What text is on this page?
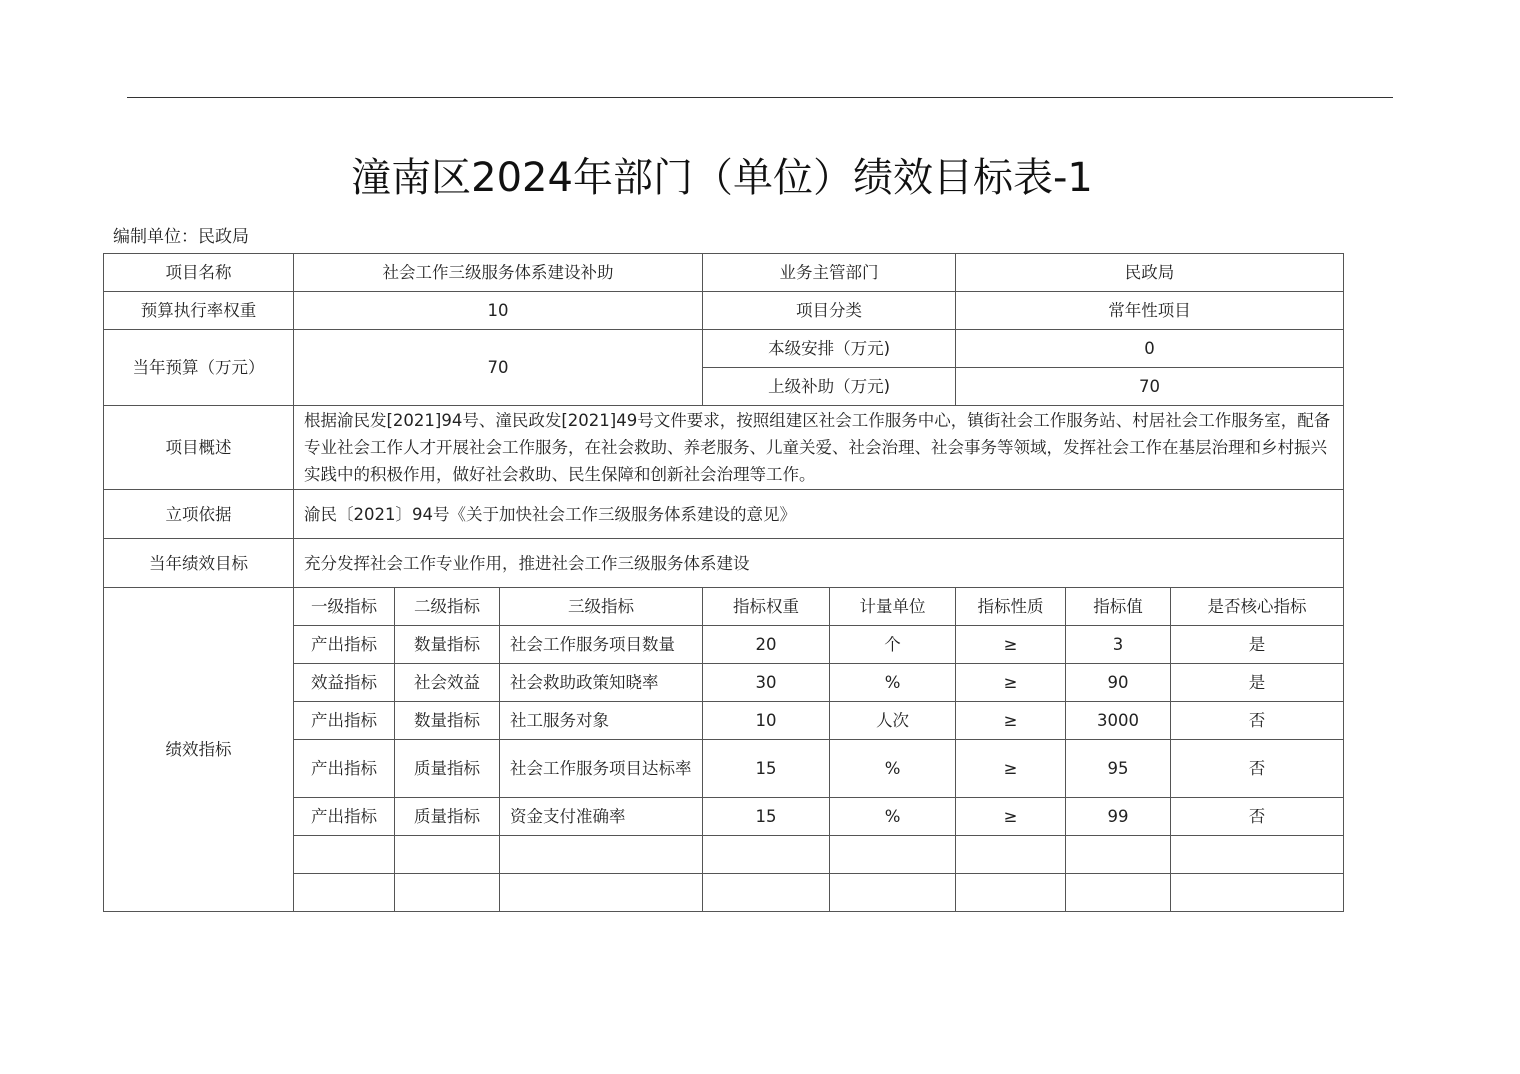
潼南区2024年部门（单位）绩效目标表-1
编制单位：民政局
项目名称	社会工作三级服务体系建设补助			业务主管部门		民政局		
预算执行率权重	10			项目分类		常年性项目		
当年预算（万元）	70			本级安排（万元)		0		
				上级补助（万元)		70		
项目概述	根据渝民发[2021]94号、潼民政发[2021]49号文件要求，按照组建区社会工作服务中心，镇街社会工作服务站、村居社会工作服务室，配备专业社会工作人才开展社会工作服务，在社会救助、养老服务、儿童关爱、社会治理、社会事务等领域，发挥社会工作在基层治理和乡村振兴实践中的积极作用，做好社会救助、民生保障和创新社会治理等工作。							
立项依据	渝民〔2021〕94号《关于加快社会工作三级服务体系建设的意见》							
当年绩效目标	充分发挥社会工作专业作用，推进社会工作三级服务体系建设							
绩效指标	一级指标	二级指标	三级指标	指标权重	计量单位	指标性质	指标值	是否核心指标
	产出指标	数量指标	社会工作服务项目数量	20	个	≥	3	是
	效益指标	社会效益	社会救助政策知晓率	30	%	≥	90	是
	产出指标	数量指标	社工服务对象	10	人次	≥	3000	否
	产出指标	质量指标	社会工作服务项目达标率	15	%	≥	95	否
	产出指标	质量指标	资金支付准确率	15	%	≥	99	否
